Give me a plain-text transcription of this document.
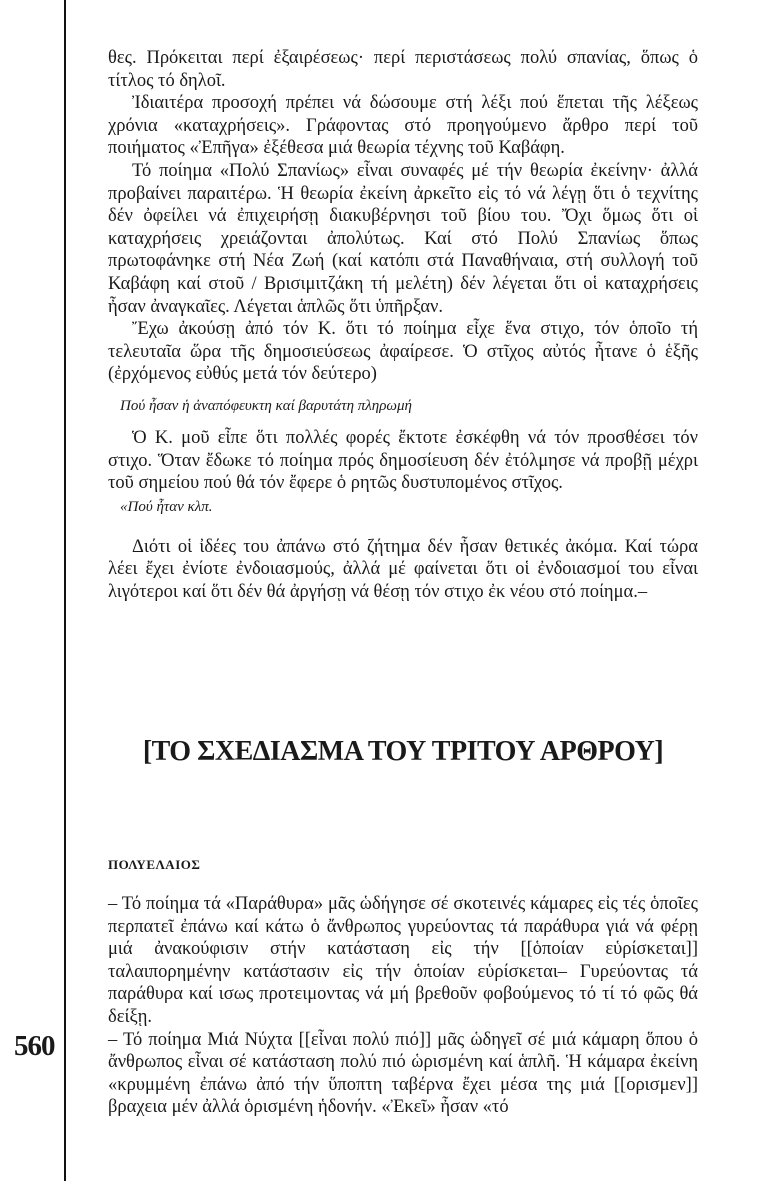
560

θες. Πρόκειται περί ἐξαιρέσεως· περί περιστάσεως πολύ σπανίας, ὅπως ὁ τίτλος τό δηλοῖ.

Ἰδιαιτέρα προσοχή πρέπει νά δώσουμε στή λέξι πού ἕπεται τῆς λέξεως χρόνια «καταχρήσεις». Γράφοντας στό προηγούμενο ἄρθρο περί τοῦ ποιήματος «Ἐπῆγα» ἐξέθεσα μιά θεωρία τέχνης τοῦ Καβάφη.

Τό ποίημα «Πολύ Σπανίως» εἶναι συναφές μέ τήν θεωρία ἐκείνην· ἀλλά προβαίνει παραιτέρω. Ἡ θεωρία ἐκείνη ἀρκεῖτο εἰς τό νά λέγῃ ὅτι ὁ τεχνίτης δέν ὀφείλει νά ἐπιχειρήσῃ διακυβέρνησι τοῦ βίου του. Ὄχι ὅμως ὅτι οἱ καταχρήσεις χρειάζονται ἀπολύτως. Καί στό Πολύ Σπανίως ὅπως πρωτοφάνηκε στή Νέα Ζωή (καί κατόπι στά Παναθήναια, στή συλλογή τοῦ Καβάφη καί στοῦ / Βρισιμιτζάκη τή μελέτη) δέν λέγεται ὅτι οἱ καταχρήσεις ἦσαν ἀναγκαῖες. Λέγεται ἁπλῶς ὅτι ὑπῆρξαν.

Ἔχω ἀκούσῃ ἀπό τόν Κ. ὅτι τό ποίημα εἶχε ἕνα στιχο, τόν ὁποῖο τή τελευταῖα ὥρα τῆς δημοσιεύσεως ἀφαίρεσε. Ὁ στῖχος αὐτός ἦτανε ὁ ἑξῆς (ἐρχόμενος εὐθύς μετά τόν δεύτερο)

Πού ἦσαν ἡ ἀναπόφευκτη καί βαρυτάτη πληρωμή

Ὁ Κ. μοῦ εἶπε ὅτι πολλές φορές ἔκτοτε ἐσκέφθη νά τόν προσθέσει τόν στιχο. Ὅταν ἔδωκε τό ποίημα πρός δημοσίευση δέν ἐτόλμησε νά προβῇ μέχρι τοῦ σημείου πού θά τόν ἔφερε ὁ ρητῶς δυστυπομένος στῖχος.

«Πού ἦταν κλπ.

Διότι οἱ ἰδέες του ἀπάνω στό ζήτημα δέν ἦσαν θετικές ἀκόμα. Καί τώρα λέει ἔχει ἐνίοτε ἐνδοιασμούς, ἀλλά μέ φαίνεται ὅτι οἱ ἐνδοιασμοί του εἶναι λιγότεροι καί ὅτι δέν θά ἀργήσῃ νά θέσῃ τόν στιχο ἐκ νέου στό ποίημα.–

[ΤΟ ΣΧΕΔΙΑΣΜΑ ΤΟΥ ΤΡΙΤΟΥ ΑΡΘΡΟΥ]
ΠΟΛΥΕΛΑΙΟΣ

– Τό ποίημα τά «Παράθυρα» μᾶς ὡδήγησε σέ σκοτεινές κάμαρες εἰς τές ὁποῖες περπατεῖ ἐπάνω καί κάτω ὁ ἄνθρωπος γυρεύοντας τά παράθυρα γιά νά φέρῃ μιά ἀνακούφισιν στήν κατάσταση εἰς τήν [[ὁποίαν εὑρίσκεται]] ταλαιπορημένην κατάστασιν εἰς τήν ὁποίαν εὑρίσκεται– Γυρεύοντας τά παράθυρα καί ισως προτειμοντας νά μή βρεθοῦν φοβούμενος τό τί τό φῶς θά δείξῃ.

– Τό ποίημα Μιά Νύχτα [[εἶναι πολύ πιό]] μᾶς ὡδηγεῖ σέ μιά κάμαρη ὅπου ὁ ἄνθρωπος εἶναι σέ κατάσταση πολύ πιό ὡρισμένη καί ἁπλῆ. Ἡ κάμαρα ἐκείνη «κρυμμένη ἐπάνω ἀπό τήν ὕποπτη ταβέρνα ἔχει μέσα της μιά [[ορισμεν]] βραχεια μέν ἀλλά ὁρισμένη ἡδονήν. «Ἐκεῖ» ἦσαν «τό
